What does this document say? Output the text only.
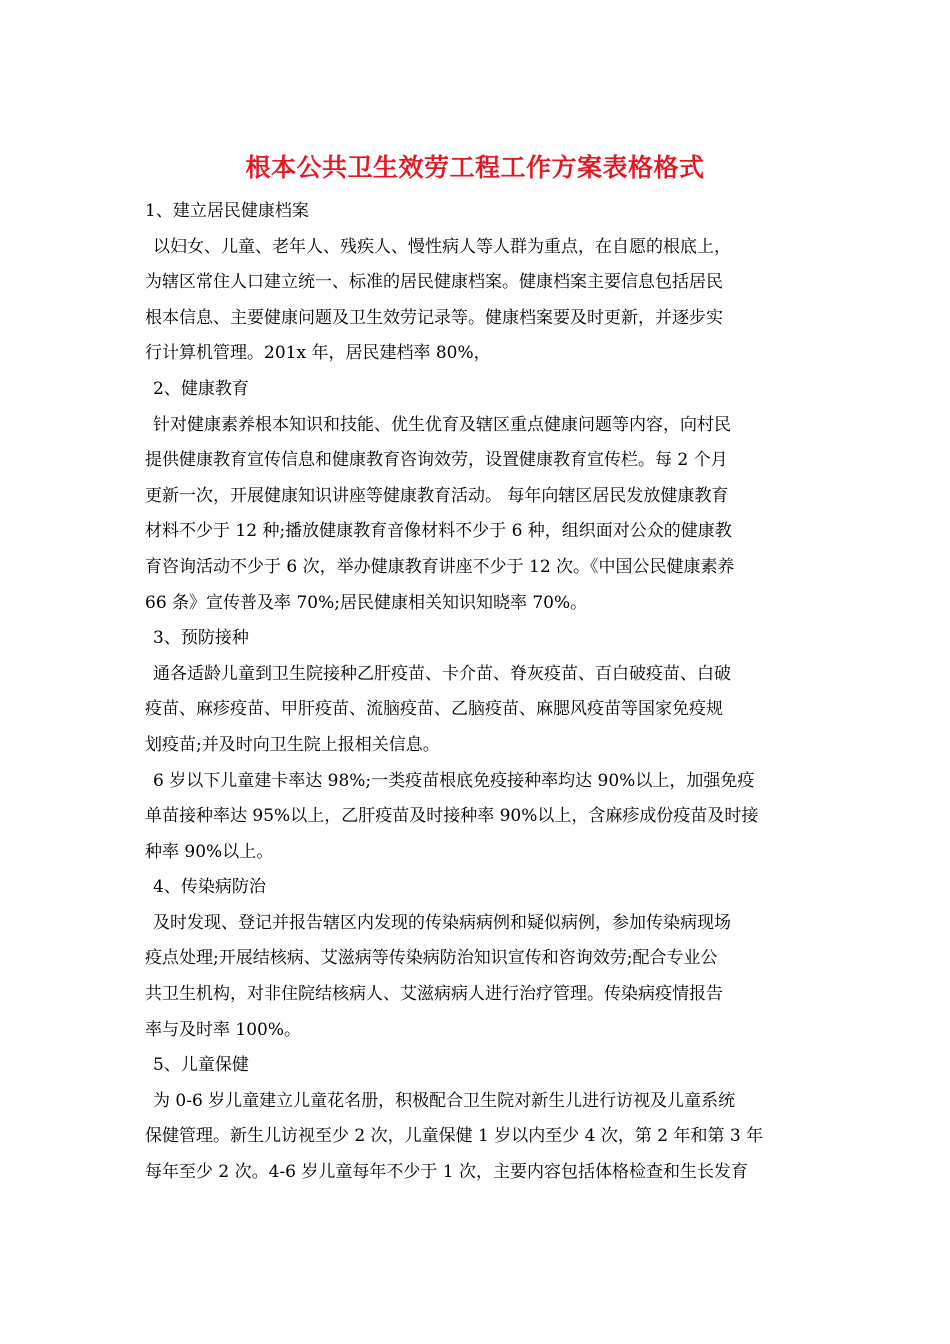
根本公共卫生效劳工程工作方案表格格式
1、建立居民健康档案
以妇女、儿童、老年人、残疾人、慢性病人等人群为重点，在自愿的根底上，
为辖区常住人口建立统一、标准的居民健康档案。健康档案主要信息包括居民
根本信息、主要健康问题及卫生效劳记录等。健康档案要及时更新，并逐步实
行计算机管理。201x 年，居民建档率 80%，
2、健康教育
针对健康素养根本知识和技能、优生优育及辖区重点健康问题等内容，向村民
提供健康教育宣传信息和健康教育咨询效劳，设置健康教育宣传栏。每 2 个月
更新一次，开展健康知识讲座等健康教育活动。 每年向辖区居民发放健康教育
材料不少于 12 种;播放健康教育音像材料不少于 6 种，组织面对公众的健康教
育咨询活动不少于 6 次，举办健康教育讲座不少于 12 次。《中国公民健康素养
66 条》宣传普及率 70%;居民健康相关知识知晓率 70%。
3、预防接种
通各适龄儿童到卫生院接种乙肝疫苗、卡介苗、脊灰疫苗、百白破疫苗、白破
疫苗、麻疹疫苗、甲肝疫苗、流脑疫苗、乙脑疫苗、麻腮风疫苗等国家免疫规
划疫苗;并及时向卫生院上报相关信息。
6 岁以下儿童建卡率达 98%;一类疫苗根底免疫接种率均达 90%以上，加强免疫
单苗接种率达 95%以上，乙肝疫苗及时接种率 90%以上，含麻疹成份疫苗及时接
种率 90%以上。
4、传染病防治
及时发现、登记并报告辖区内发现的传染病病例和疑似病例，参加传染病现场
疫点处理;开展结核病、艾滋病等传染病防治知识宣传和咨询效劳;配合专业公
共卫生机构，对非住院结核病人、艾滋病病人进行治疗管理。传染病疫情报告
率与及时率 100%。
5、儿童保健
为 0-6 岁儿童建立儿童花名册，积极配合卫生院对新生儿进行访视及儿童系统
保健管理。新生儿访视至少 2 次，儿童保健 1 岁以内至少 4 次，第 2 年和第 3 年
每年至少 2 次。4-6 岁儿童每年不少于 1 次，主要内容包括体格检查和生长发育
